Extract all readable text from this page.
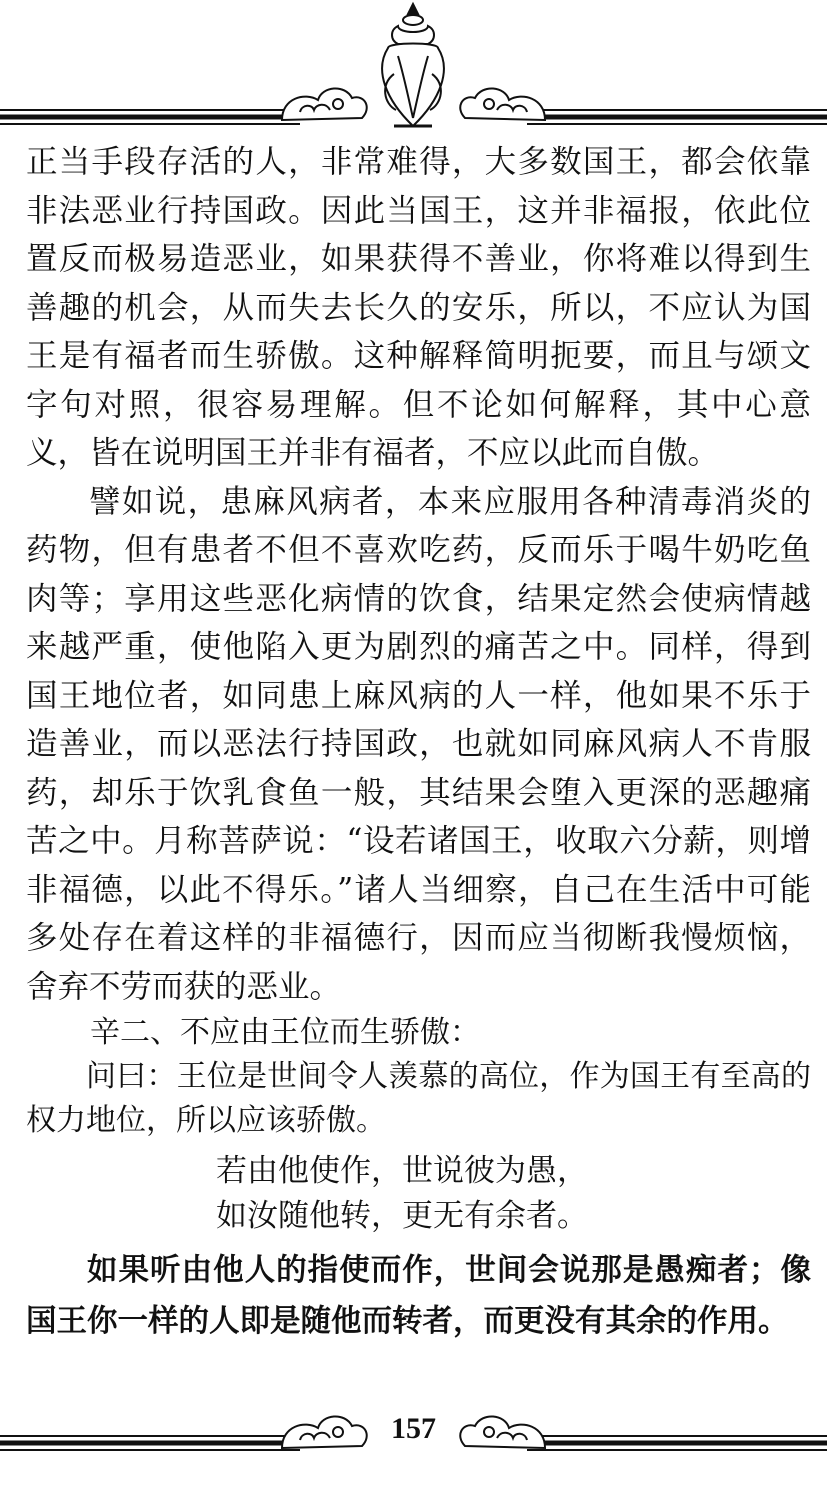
正当手段存活的人，非常难得，大多数国王，都会依靠非法恶业行持国政。因此当国王，这并非福报，依此位置反而极易造恶业，如果获得不善业，你将难以得到生善趣的机会，从而失去长久的安乐，所以，不应认为国王是有福者而生骄傲。这种解释简明扼要，而且与颂文字句对照，很容易理解。但不论如何解释，其中心意义，皆在说明国王并非有福者，不应以此而自傲。

譬如说，患麻风病者，本来应服用各种清毒消炎的药物，但有患者不但不喜欢吃药，反而乐于喝牛奶吃鱼肉等；享用这些恶化病情的饮食，结果定然会使病情越来越严重，使他陷入更为剧烈的痛苦之中。同样，得到国王地位者，如同患上麻风病的人一样，他如果不乐于造善业，而以恶法行持国政，也就如同麻风病人不肯服药，却乐于饮乳食鱼一般，其结果会堕入更深的恶趣痛苦之中。月称菩萨说：“设若诸国王，收取六分薪，则增非福德，以此不得乐。”诸人当细察，自己在生活中可能多处存在着这样的非福德行，因而应当彻断我慢烦恼，舍弃不劳而获的恶业。

辛二、不应由王位而生骄傲：

问曰：王位是世间令人羡慕的高位，作为国王有至高的权力地位，所以应该骄傲。

若由他使作，世说彼为愚，

如汝随他转，更无有余者。

如果听由他人的指使而作，世间会说那是愚痴者；像国王你一样的人即是随他而转者，而更没有其余的作用。

157
